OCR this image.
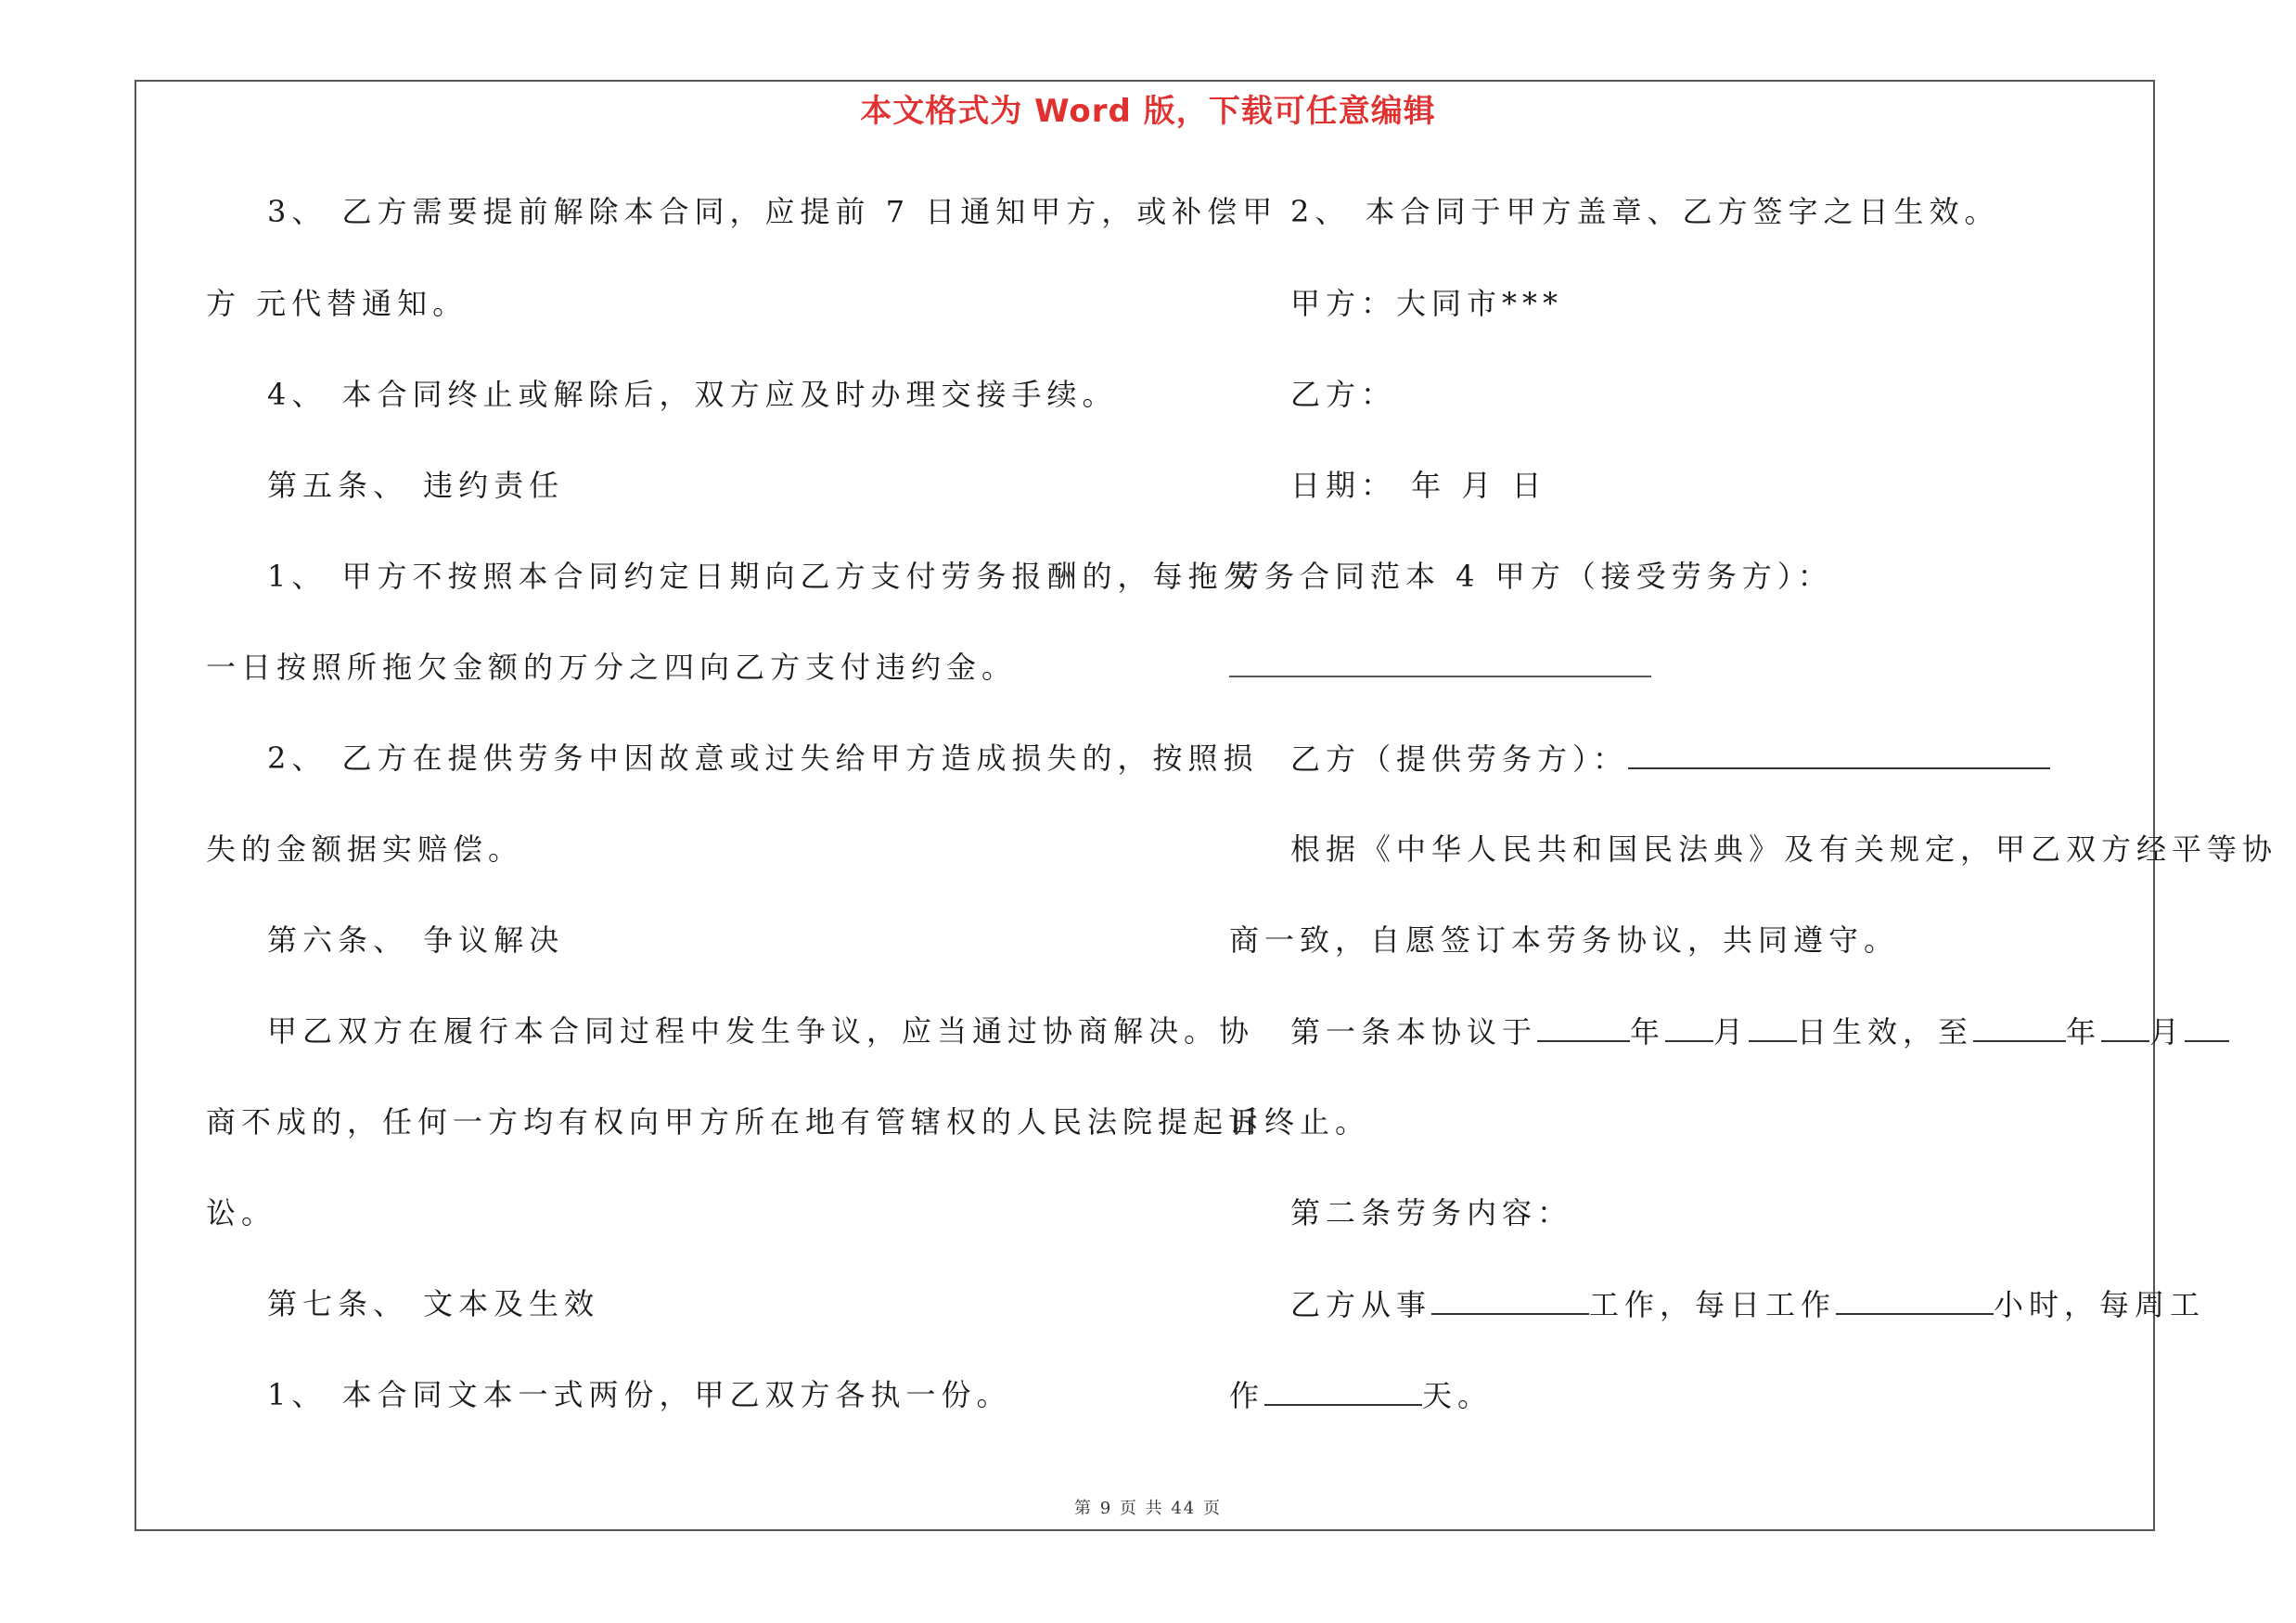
本文格式为 Word 版，下载可任意编辑
3、 乙方需要提前解除本合同，应提前 7 日通知甲方，或补偿甲
方 元代替通知。
4、 本合同终止或解除后，双方应及时办理交接手续。
第五条、 违约责任
1、 甲方不按照本合同约定日期向乙方支付劳务报酬的，每拖欠
一日按照所拖欠金额的万分之四向乙方支付违约金。
2、 乙方在提供劳务中因故意或过失给甲方造成损失的，按照损
失的金额据实赔偿。
第六条、 争议解决
甲乙双方在履行本合同过程中发生争议，应当通过协商解决。协
商不成的，任何一方均有权向甲方所在地有管辖权的人民法院提起诉
讼。
第七条、 文本及生效
1、 本合同文本一式两份，甲乙双方各执一份。
2、 本合同于甲方盖章、乙方签字之日生效。
甲方：大同市***
乙方：
日期： 年 月 日
劳务合同范本 4 甲方（接受劳务方）：
乙方（提供劳务方）：
根据《中华人民共和国民法典》及有关规定，甲乙双方经平等协
商一致，自愿签订本劳务协议，共同遵守。
第一条本协议于	年 月 日生效，至	年 月
日终止。
第二条劳务内容：
乙方从事	工作，每日工作	小时，每周工
作	天。
第 9 页 共 44 页
